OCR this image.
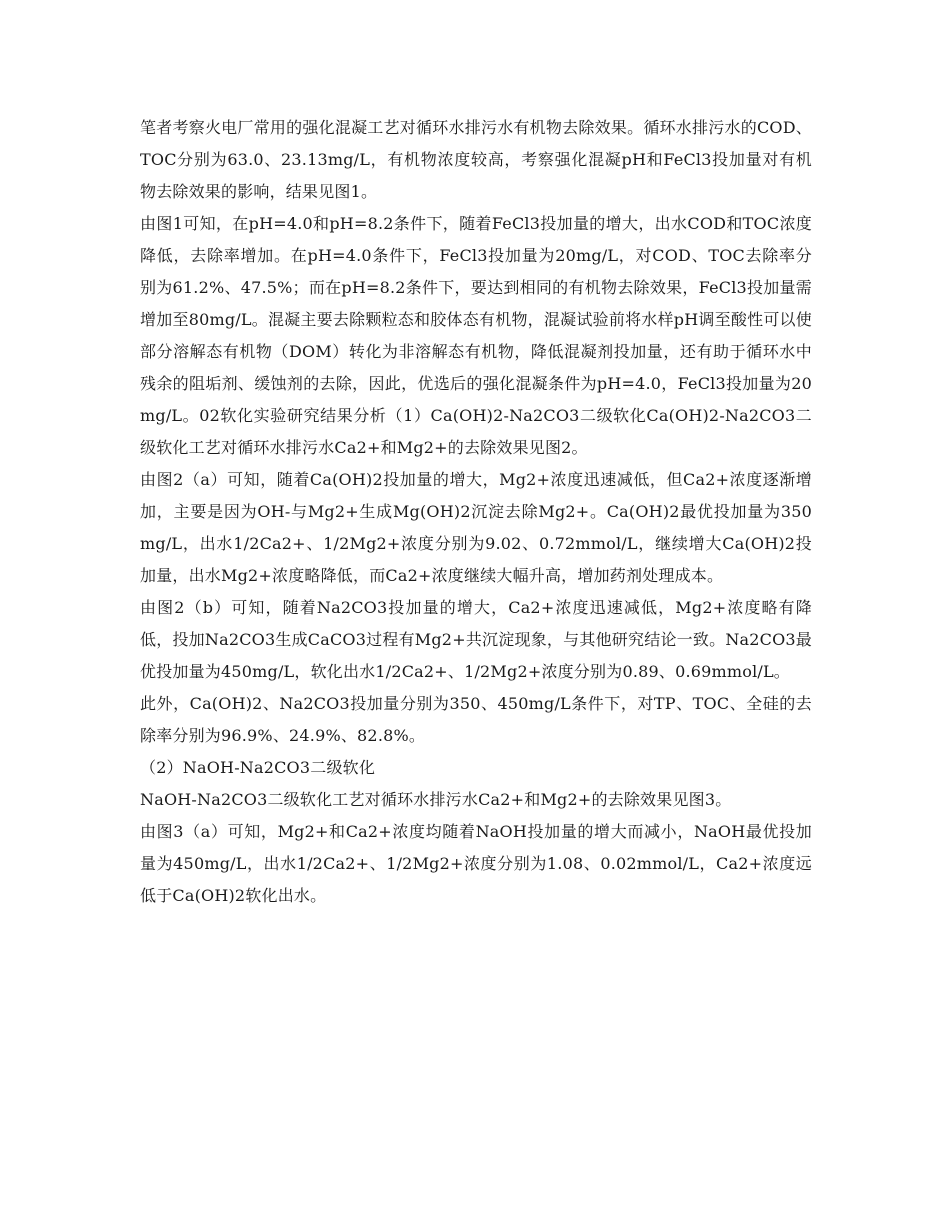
笔者考察火电厂常用的强化混凝工艺对循环水排污水有机物去除效果。循环水排污水的COD、TOC分别为63.0、23.13mg/L，有机物浓度较高，考察强化混凝pH和FeCl3投加量对有机物去除效果的影响，结果见图1。

由图1可知，在pH=4.0和pH=8.2条件下，随着FeCl3投加量的增大，出水COD和TOC浓度降低，去除率增加。在pH=4.0条件下，FeCl3投加量为20mg/L，对COD、TOC去除率分别为61.2%、47.5%；而在pH=8.2条件下，要达到相同的有机物去除效果，FeCl3投加量需增加至80mg/L。混凝主要去除颗粒态和胶体态有机物，混凝试验前将水样pH调至酸性可以使部分溶解态有机物（DOM）转化为非溶解态有机物，降低混凝剂投加量，还有助于循环水中残余的阻垢剂、缓蚀剂的去除，因此，优选后的强化混凝条件为pH=4.0，FeCl3投加量为20mg/L。02软化实验研究结果分析（1）Ca(OH)2-Na2CO3二级软化Ca(OH)2-Na2CO3二级软化工艺对循环水排污水Ca2+和Mg2+的去除效果见图2。

由图2（a）可知，随着Ca(OH)2投加量的增大，Mg2+浓度迅速减低，但Ca2+浓度逐渐增加，主要是因为OH-与Mg2+生成Mg(OH)2沉淀去除Mg2+。Ca(OH)2最优投加量为350mg/L，出水1/2Ca2+、1/2Mg2+浓度分别为9.02、0.72mmol/L，继续增大Ca(OH)2投加量，出水Mg2+浓度略降低，而Ca2+浓度继续大幅升高，增加药剂处理成本。

由图2（b）可知，随着Na2CO3投加量的增大，Ca2+浓度迅速减低，Mg2+浓度略有降低，投加Na2CO3生成CaCO3过程有Mg2+共沉淀现象，与其他研究结论一致。Na2CO3最优投加量为450mg/L，软化出水1/2Ca2+、1/2Mg2+浓度分别为0.89、0.69mmol/L。

此外，Ca(OH)2、Na2CO3投加量分别为350、450mg/L条件下，对TP、TOC、全硅的去除率分别为96.9%、24.9%、82.8%。

（2）NaOH-Na2CO3二级软化

NaOH-Na2CO3二级软化工艺对循环水排污水Ca2+和Mg2+的去除效果见图3。

由图3（a）可知，Mg2+和Ca2+浓度均随着NaOH投加量的增大而减小，NaOH最优投加量为450mg/L，出水1/2Ca2+、1/2Mg2+浓度分别为1.08、0.02mmol/L，Ca2+浓度远低于Ca(OH)2软化出水。
